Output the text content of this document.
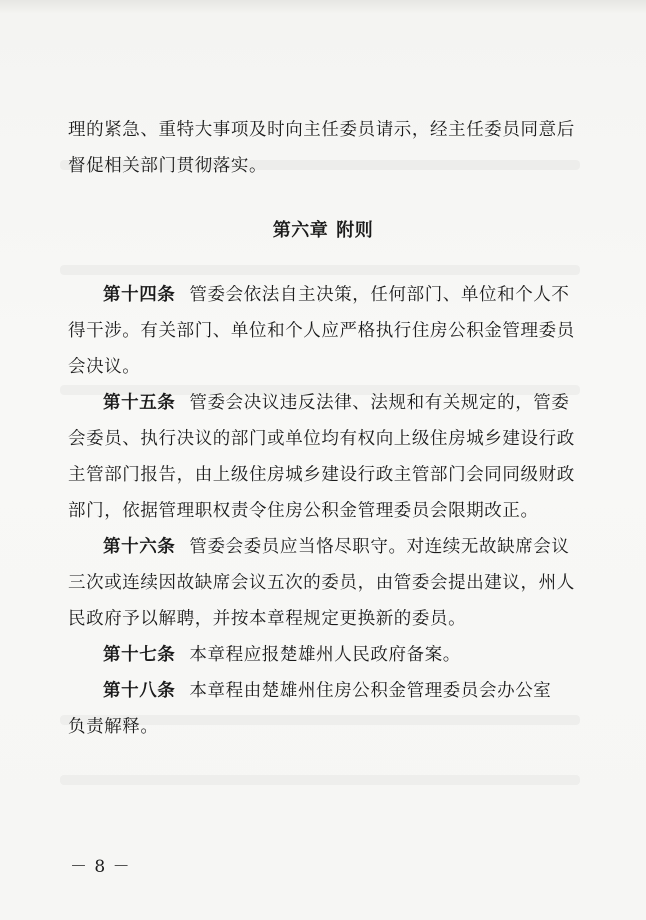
理的紧急、重特大事项及时向主任委员请示，经主任委员同意后
督促相关部门贯彻落实。
第六章 附则
第十四条 管委会依法自主决策，任何部门、单位和个人不
得干涉。有关部门、单位和个人应严格执行住房公积金管理委员
会决议。
第十五条 管委会决议违反法律、法规和有关规定的，管委
会委员、执行决议的部门或单位均有权向上级住房城乡建设行政
主管部门报告，由上级住房城乡建设行政主管部门会同同级财政
部门，依据管理职权责令住房公积金管理委员会限期改正。
第十六条 管委会委员应当恪尽职守。对连续无故缺席会议
三次或连续因故缺席会议五次的委员，由管委会提出建议，州人
民政府予以解聘，并按本章程规定更换新的委员。
第十七条 本章程应报楚雄州人民政府备案。
第十八条 本章程由楚雄州住房公积金管理委员会办公室
负责解释。
－ 8 －
